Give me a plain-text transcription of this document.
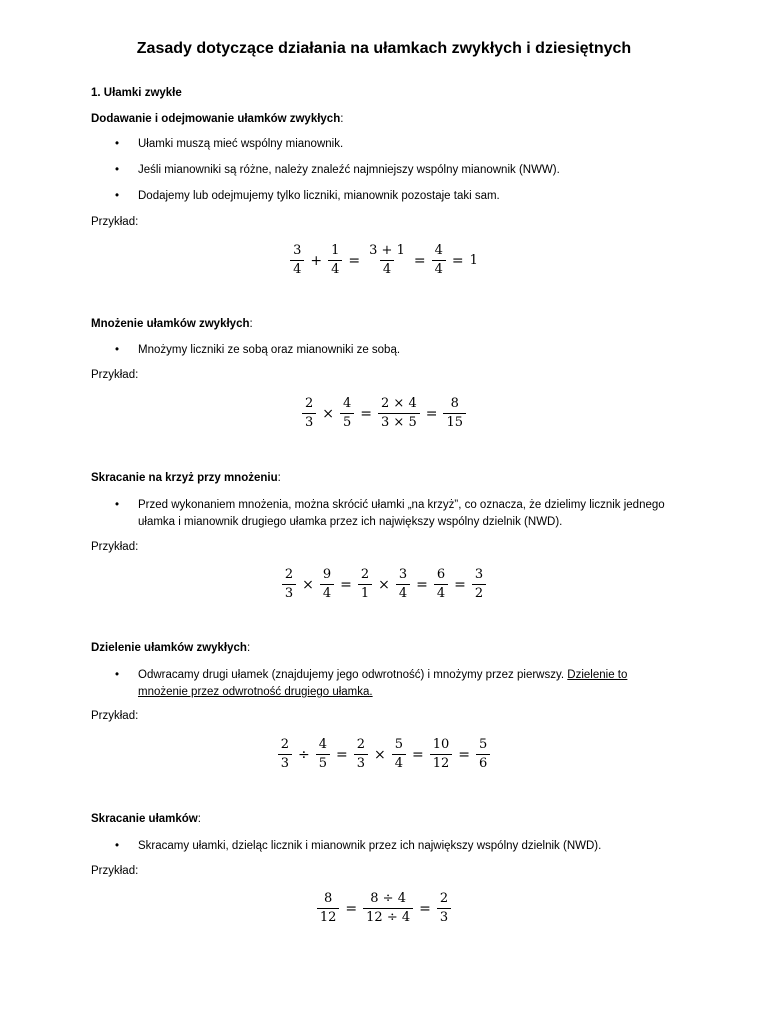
Zasady dotyczące działania na ułamkach zwykłych i dziesiętnych

1. Ułamki zwykłe

Dodawanie i odejmowanie ułamków zwykłych:

• Ułamki muszą mieć wspólny mianownik.
• Jeśli mianowniki są różne, należy znaleźć najmniejszy wspólny mianownik (NWW).
• Dodajemy lub odejmujemy tylko liczniki, mianownik pozostaje taki sam.

Przykład:

$\frac{3}{4} + \frac{1}{4} = \frac{3 + 1}{4} = \frac{4}{4} = 1$

Mnożenie ułamków zwykłych:

• Mnożymy liczniki ze sobą oraz mianowniki ze sobą.

Przykład:

$\frac{2}{3} \times \frac{4}{5} = \frac{2 \times 4}{3 \times 5} = \frac{8}{15}$

Skracanie na krzyż przy mnożeniu:

• Przed wykonaniem mnożenia, można skrócić ułamki „na krzyż”, co oznacza, że dzielimy licznik jednego ułamka i mianownik drugiego ułamka przez ich największy wspólny dzielnik (NWD).

Przykład:

$\frac{2}{3} \times \frac{9}{4} = \frac{2}{1} \times \frac{3}{4} = \frac{6}{4} = \frac{3}{2}$

Dzielenie ułamków zwykłych:

• Odwracamy drugi ułamek (znajdujemy jego odwrotność) i mnożymy przez pierwszy. Dzielenie to mnożenie przez odwrotność drugiego ułamka.

Przykład:

$\frac{2}{3} \div \frac{4}{5} = \frac{2}{3} \times \frac{5}{4} = \frac{10}{12} = \frac{5}{6}$

Skracanie ułamków:

• Skracamy ułamki, dzieląc licznik i mianownik przez ich największy wspólny dzielnik (NWD).

Przykład:

$\frac{8}{12} = \frac{8 \div 4}{12 \div 4} = \frac{2}{3}$
